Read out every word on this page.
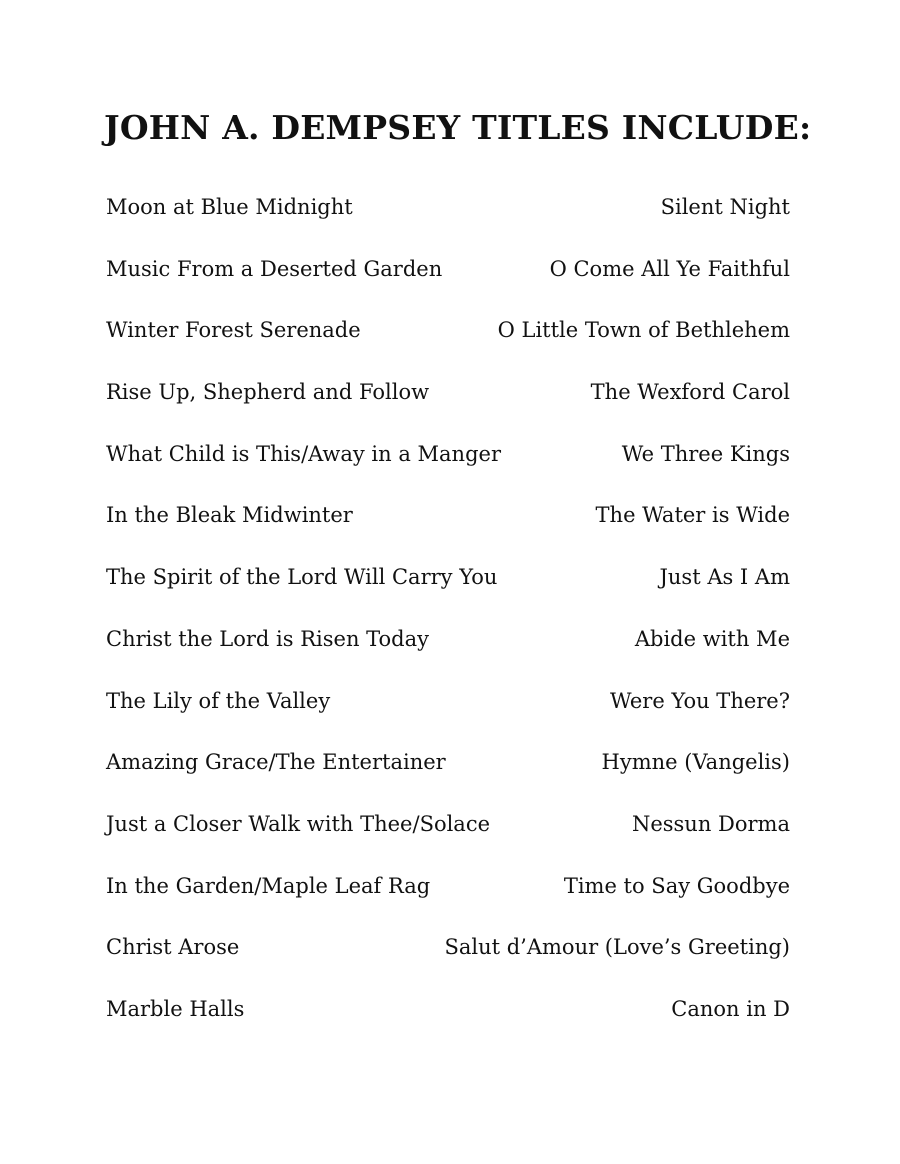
JOHN A. DEMPSEY TITLES INCLUDE:
Moon at Blue Midnight
Music From a Deserted Garden
Winter Forest Serenade
Rise Up, Shepherd and Follow
What Child is This/Away in a Manger
In the Bleak Midwinter
The Spirit of the Lord Will Carry You
Christ the Lord is Risen Today
The Lily of the Valley
Amazing Grace/The Entertainer
Just a Closer Walk with Thee/Solace
In the Garden/Maple Leaf Rag
Christ Arose
Marble Halls
Silent Night
O Come All Ye Faithful
O Little Town of Bethlehem
The Wexford Carol
We Three Kings
The Water is Wide
Just As I Am
Abide with Me
Were You There?
Hymne (Vangelis)
Nessun Dorma
Time to Say Goodbye
Salut d’Amour (Love’s Greeting)
Canon in D
